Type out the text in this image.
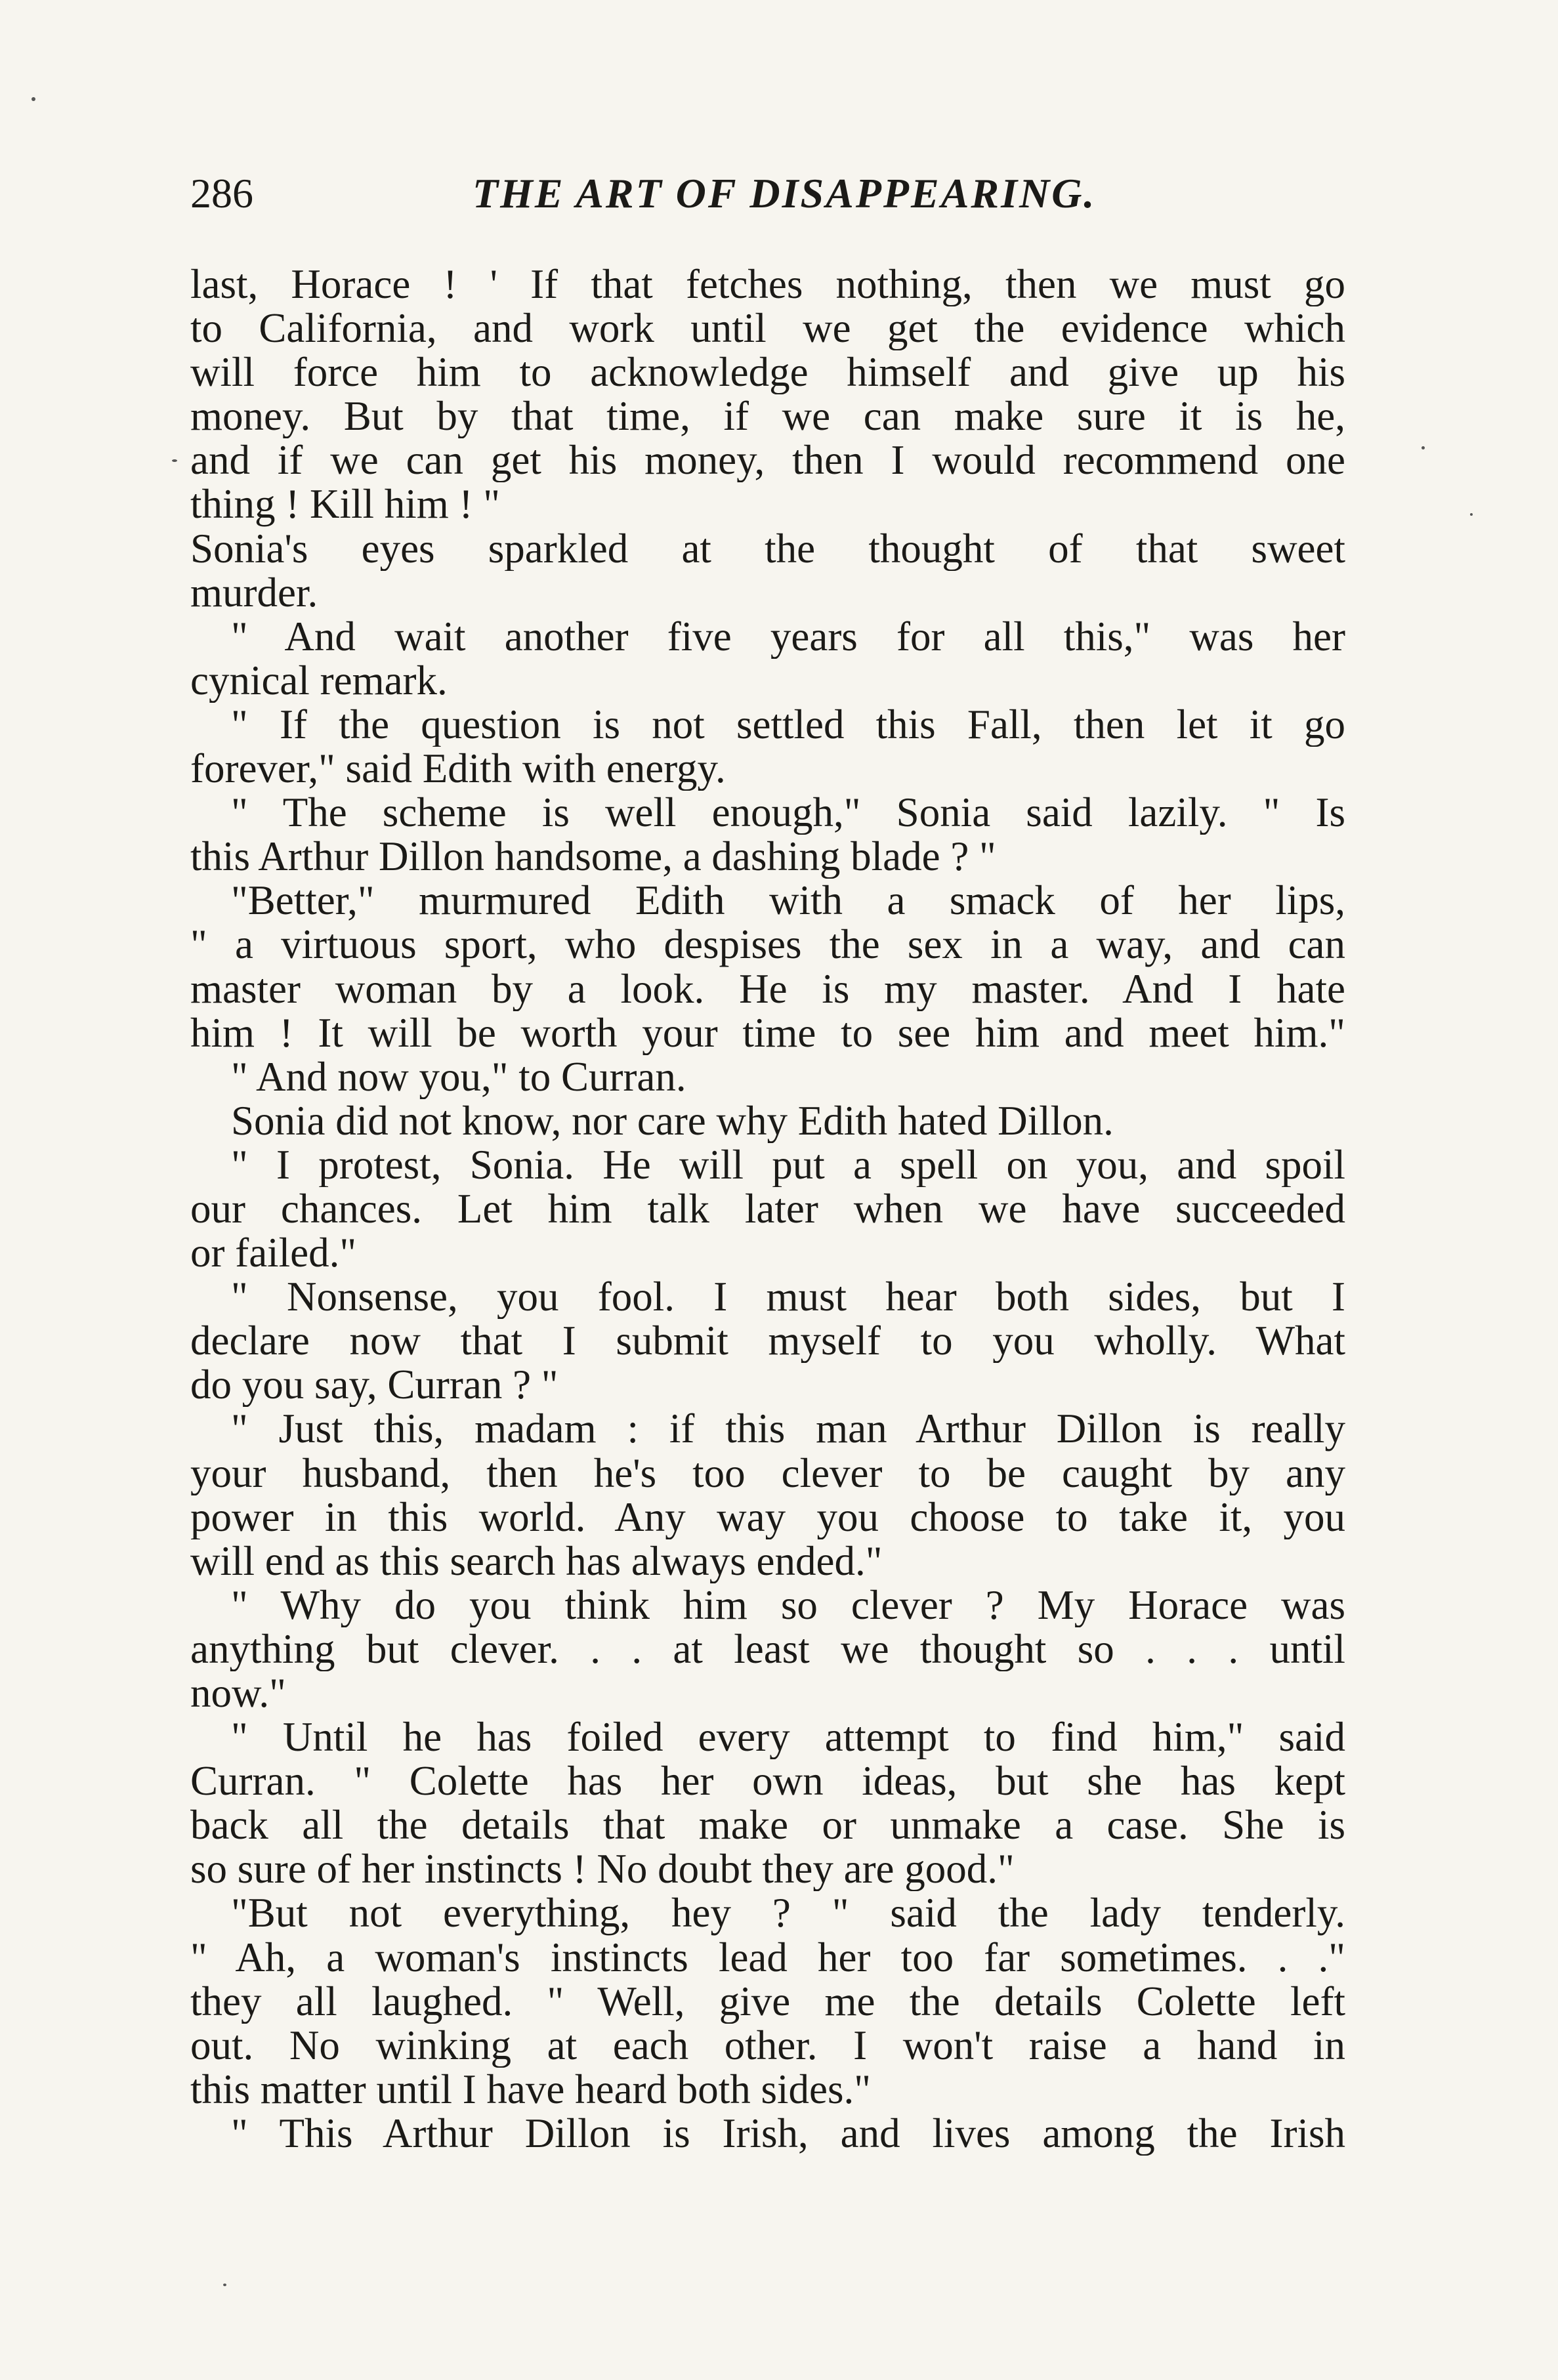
286	THE ART OF DISAPPEARING.
last, Horace ! ' If that fetches nothing, then we must go
to California, and work until we get the evidence which
will force him to acknowledge himself and give up his
money. But by that time, if we can make sure it is he,
and if we can get his money, then I would recommend one
thing ! Kill him ! "
Sonia's eyes sparkled at the thought of that sweet
murder.
" And wait another five years for all this," was her
cynical remark.
" If the question is not settled this Fall, then let it go
forever," said Edith with energy.
" The scheme is well enough," Sonia said lazily. " Is
this Arthur Dillon handsome, a dashing blade ? "
"Better," murmured Edith with a smack of her lips,
" a virtuous sport, who despises the sex in a way, and can
master woman by a look. He is my master. And I hate
him ! It will be worth your time to see him and meet him."
" And now you," to Curran.
Sonia did not know, nor care why Edith hated Dillon.
" I protest, Sonia. He will put a spell on you, and spoil
our chances. Let him talk later when we have succeeded
or failed."
" Nonsense, you fool. I must hear both sides, but I
declare now that I submit myself to you wholly. What
do you say, Curran ? "
" Just this, madam : if this man Arthur Dillon is really
your husband, then he's too clever to be caught by any
power in this world. Any way you choose to take it, you
will end as this search has always ended."
" Why do you think him so clever ? My Horace was
anything but clever. . . at least we thought so . . . until
now."
" Until he has foiled every attempt to find him," said
Curran. " Colette has her own ideas, but she has kept
back all the details that make or unmake a case. She is
so sure of her instincts ! No doubt they are good."
"But not everything, hey ? " said the lady tenderly.
" Ah, a woman's instincts lead her too far sometimes. . ."
they all laughed. " Well, give me the details Colette left
out. No winking at each other. I won't raise a hand in
this matter until I have heard both sides."
" This Arthur Dillon is Irish, and lives among the Irish
